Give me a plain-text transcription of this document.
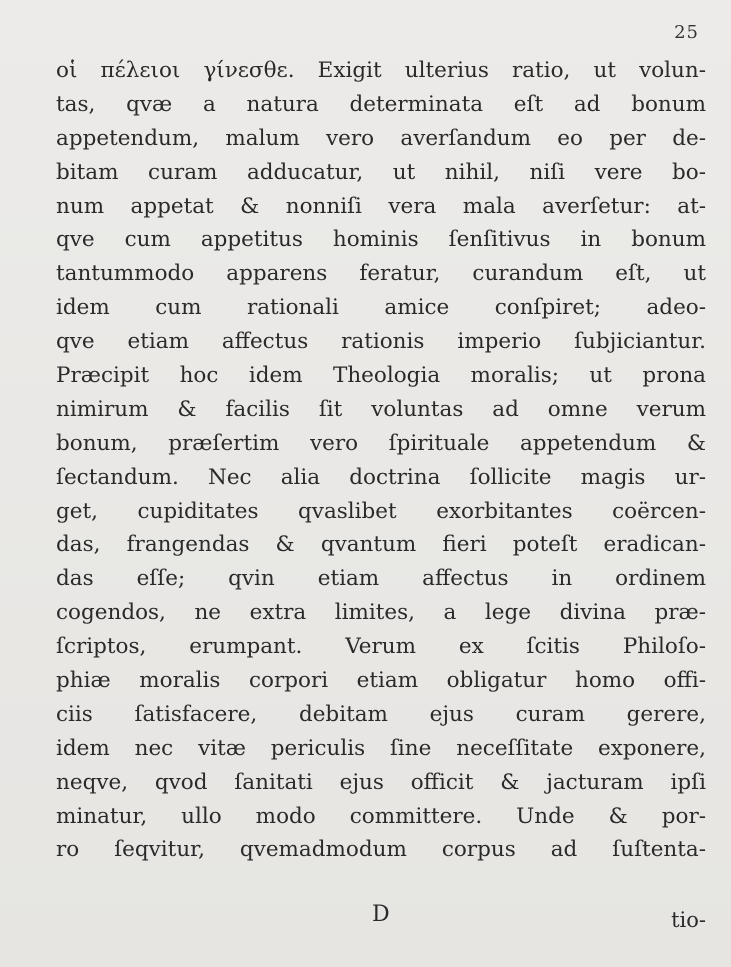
25
οἱ πέλειοι γίνεσθε. Exigit ulterius ratio, ut volun-
tas, qvæ a natura determinata eſt ad bonum
appetendum, malum vero averſandum eo per de-
bitam curam adducatur, ut nihil, niſi vere bo-
num appetat & nonniſi vera mala averſetur: at-
qve cum appetitus hominis ſenſitivus in bonum
tantummodo apparens feratur, curandum eſt, ut
idem cum rationali amice conſpiret; adeo-
qve etiam affectus rationis imperio ſubjiciantur.
Præcipit hoc idem Theologia moralis; ut prona
nimirum & facilis ſit voluntas ad omne verum
bonum, præſertim vero ſpirituale appetendum &
ſectandum. Nec alia doctrina ſollicite magis ur-
get, cupiditates qvaslibet exorbitantes coërcen-
das, frangendas & qvantum fieri poteſt eradican-
das eſſe; qvin etiam affectus in ordinem
cogendos, ne extra limites, a lege divina præ-
ſcriptos, erumpant. Verum ex ſcitis Philoſo-
phiæ moralis corpori etiam obligatur homo offi-
ciis ſatisfacere, debitam ejus curam gerere,
idem nec vitæ periculis ſine neceſſitate exponere,
neqve, qvod ſanitati ejus officit & jacturam ipſi
minatur, ullo modo committere. Unde & por-
ro ſeqvitur, qvemadmodum corpus ad ſuſtenta-
D	tio-
